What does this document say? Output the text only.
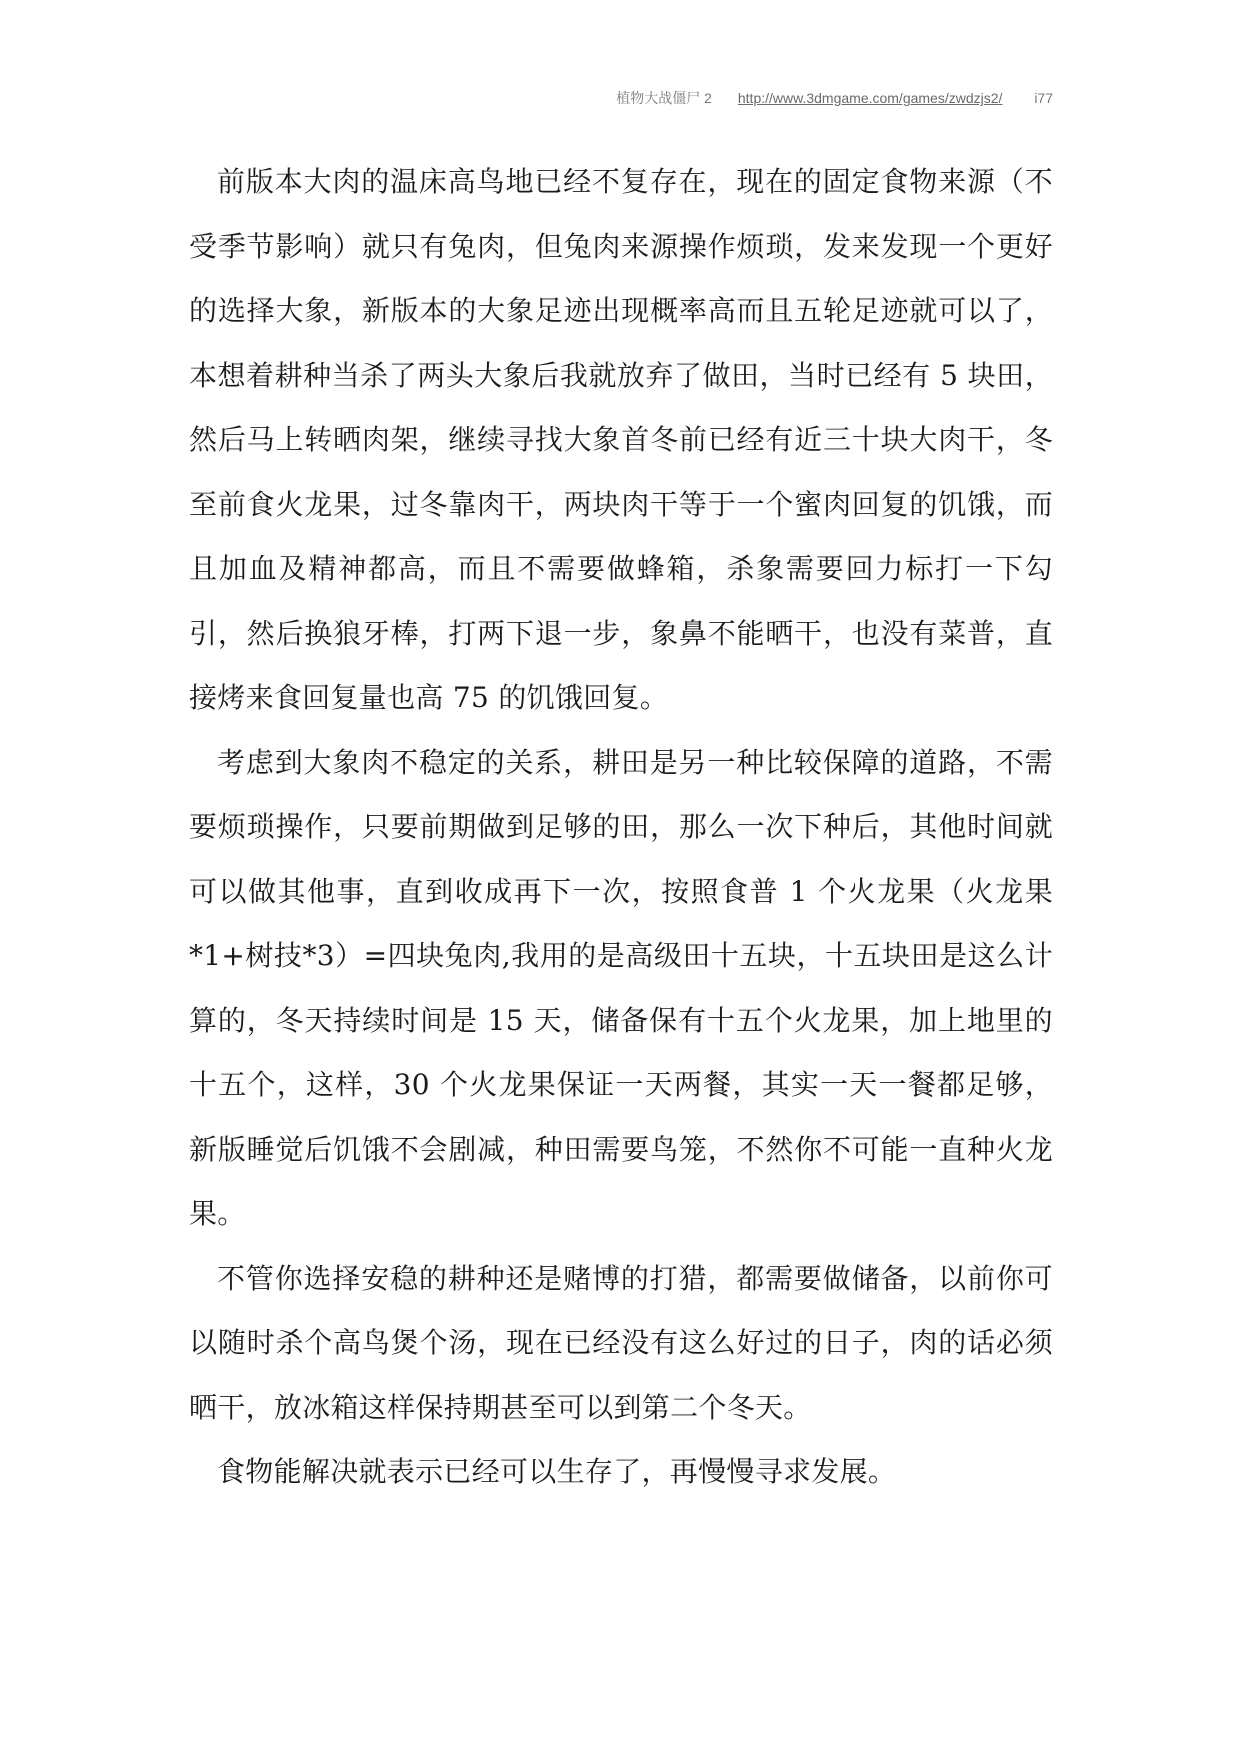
植物大战僵尸 2 http://www.3dmgame.com/games/zwdzjs2/ i77

前版本大肉的温床高鸟地已经不复存在，现在的固定食物来源（不受季节影响）就只有兔肉，但兔肉来源操作烦琐，发来发现一个更好的选择大象，新版本的大象足迹出现概率高而且五轮足迹就可以了，本想着耕种当杀了两头大象后我就放弃了做田，当时已经有 5 块田，然后马上转晒肉架，继续寻找大象首冬前已经有近三十块大肉干，冬至前食火龙果，过冬靠肉干，两块肉干等于一个蜜肉回复的饥饿，而且加血及精神都高，而且不需要做蜂箱，杀象需要回力标打一下勾引，然后换狼牙棒，打两下退一步，象鼻不能晒干，也没有菜普，直接烤来食回复量也高 75 的饥饿回复。

考虑到大象肉不稳定的关系，耕田是另一种比较保障的道路，不需要烦琐操作，只要前期做到足够的田，那么一次下种后，其他时间就可以做其他事，直到收成再下一次，按照食普 1 个火龙果（火龙果*1+树技*3）=四块兔肉,我用的是高级田十五块，十五块田是这么计算的，冬天持续时间是 15 天，储备保有十五个火龙果，加上地里的十五个，这样，30 个火龙果保证一天两餐，其实一天一餐都足够，新版睡觉后饥饿不会剧减，种田需要鸟笼，不然你不可能一直种火龙果。

不管你选择安稳的耕种还是赌博的打猎，都需要做储备，以前你可以随时杀个高鸟煲个汤，现在已经没有这么好过的日子，肉的话必须晒干，放冰箱这样保持期甚至可以到第二个冬天。

食物能解决就表示已经可以生存了，再慢慢寻求发展。
